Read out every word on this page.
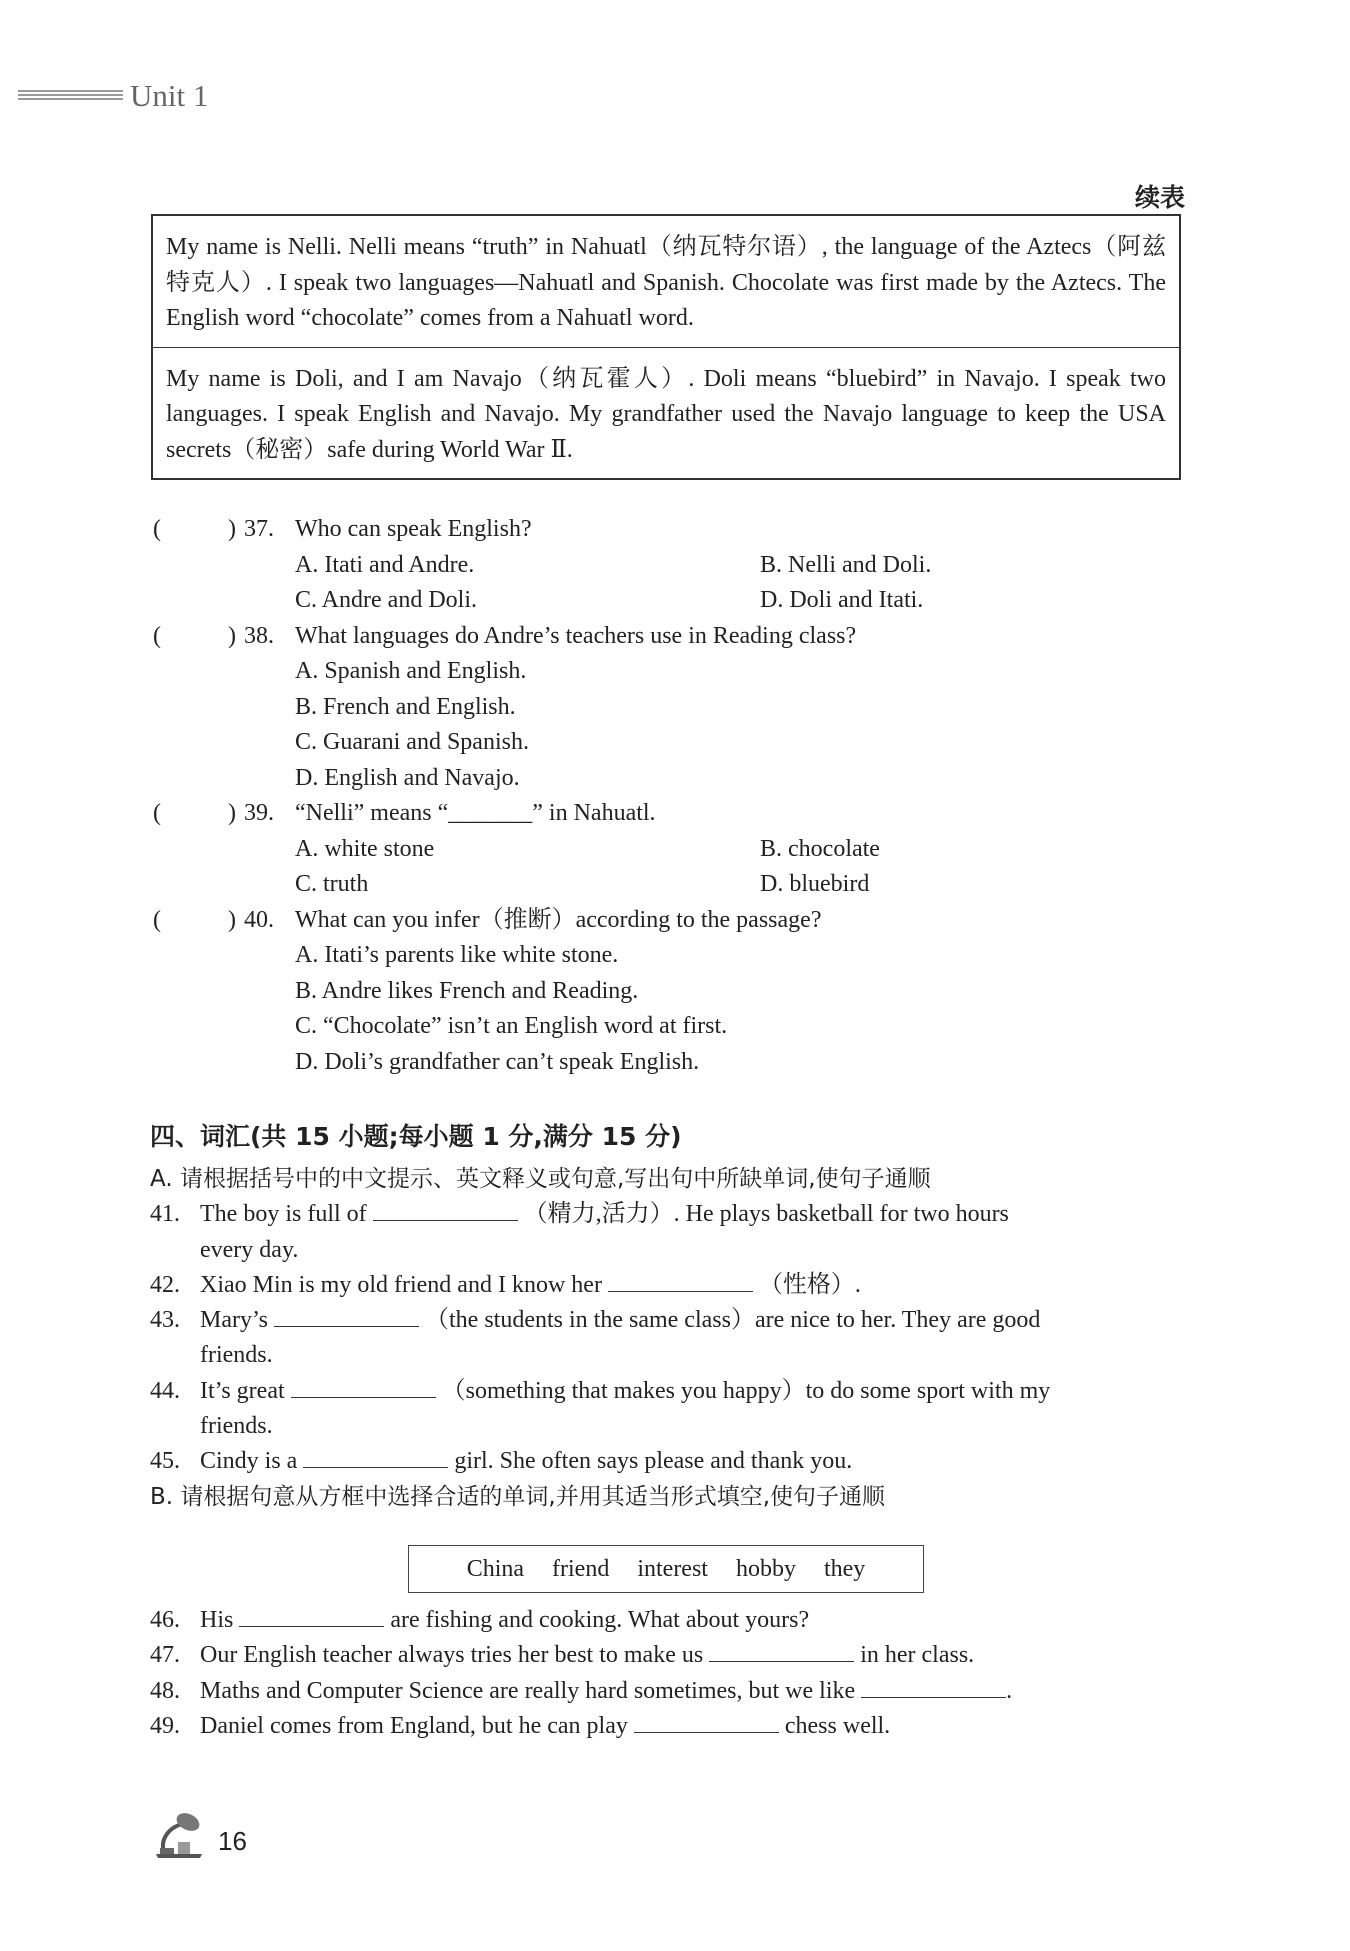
Unit 1
续表
My name is Nelli. Nelli means “truth” in Nahuatl（纳瓦特尔语）, the language of the Aztecs（阿兹特克人）. I speak two languages—Nahuatl and Spanish. Chocolate was first made by the Aztecs. The English word “chocolate” comes from a Nahuatl word.
My name is Doli, and I am Navajo（纳瓦霍人）. Doli means “bluebird” in Navajo. I speak two languages. I speak English and Navajo. My grandfather used the Navajo language to keep the USA secrets（秘密）safe during World War Ⅱ.
(	) 37. Who can speak English?
A. Itati and Andre.	B. Nelli and Doli.
C. Andre and Doli.	D. Doli and Itati.
(	) 38. What languages do Andre’s teachers use in Reading class?
A. Spanish and English.
B. French and English.
C. Guarani and Spanish.
D. English and Navajo.
(	) 39. “Nelli” means “_______” in Nahuatl.
A. white stone	B. chocolate
C. truth	D. bluebird
(	) 40. What can you infer（推断）according to the passage?
A. Itati’s parents like white stone.
B. Andre likes French and Reading.
C. “Chocolate” isn’t an English word at first.
D. Doli’s grandfather can’t speak English.
四、词汇(共 15 小题;每小题 1 分,满分 15 分)
A. 请根据括号中的中文提示、英文释义或句意,写出句中所缺单词,使句子通顺
41. The boy is full of	（精力,活力）. He plays basketball for two hours
every day.
42. Xiao Min is my old friend and I know her	（性格）.
43. Mary’s	（the students in the same class）are nice to her. They are good
friends.
44. It’s great	（something that makes you happy）to do some sport with my
friends.
45. Cindy is a	girl. She often says please and thank you.
B. 请根据句意从方框中选择合适的单词,并用其适当形式填空,使句子通顺
46. His	are fishing and cooking. What about yours?
47. Our English teacher always tries her best to make us	in her class.
48. Maths and Computer Science are really hard sometimes, but we like	.
49. Daniel comes from England, but he can play	chess well.
China friend interest hobby they
16
